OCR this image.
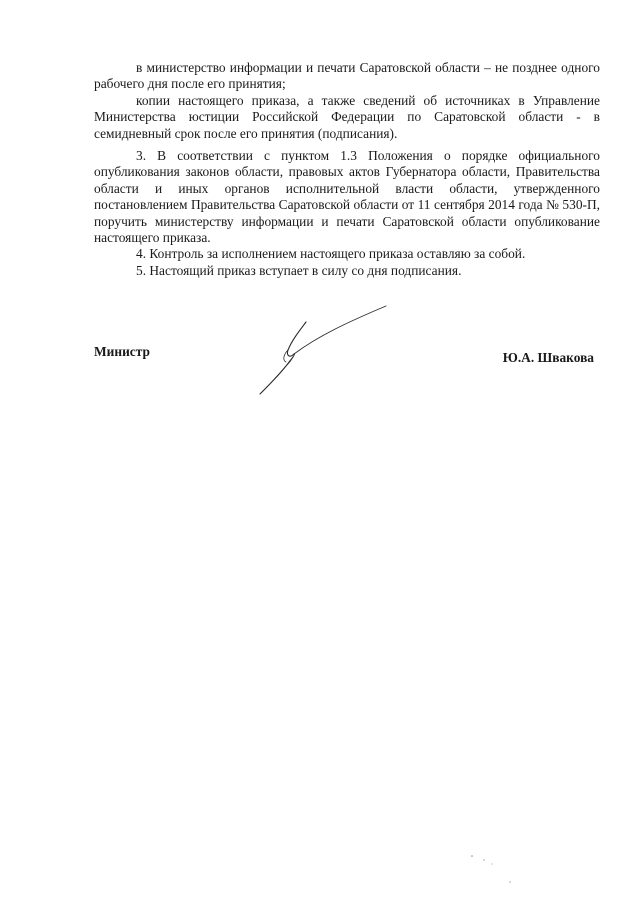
в министерство информации и печати Саратовской области – не позднее одного рабочего дня после его принятия;

копии настоящего приказа, а также сведений об источниках в Управление Министерства юстиции Российской Федерации по Саратовской области - в семидневный срок после его принятия (подписания).

3. В соответствии с пунктом 1.3 Положения о порядке официального опубликования законов области, правовых актов Губернатора области, Правительства области и иных органов исполнительной власти области, утвержденного постановлением Правительства Саратовской области от 11 сентября 2014 года № 530-П, поручить министерству информации и печати Саратовской области опубликование настоящего приказа.

4. Контроль за исполнением настоящего приказа оставляю за собой.

5. Настоящий приказ вступает в силу со дня подписания.

Министр	Ю.А. Швакова
